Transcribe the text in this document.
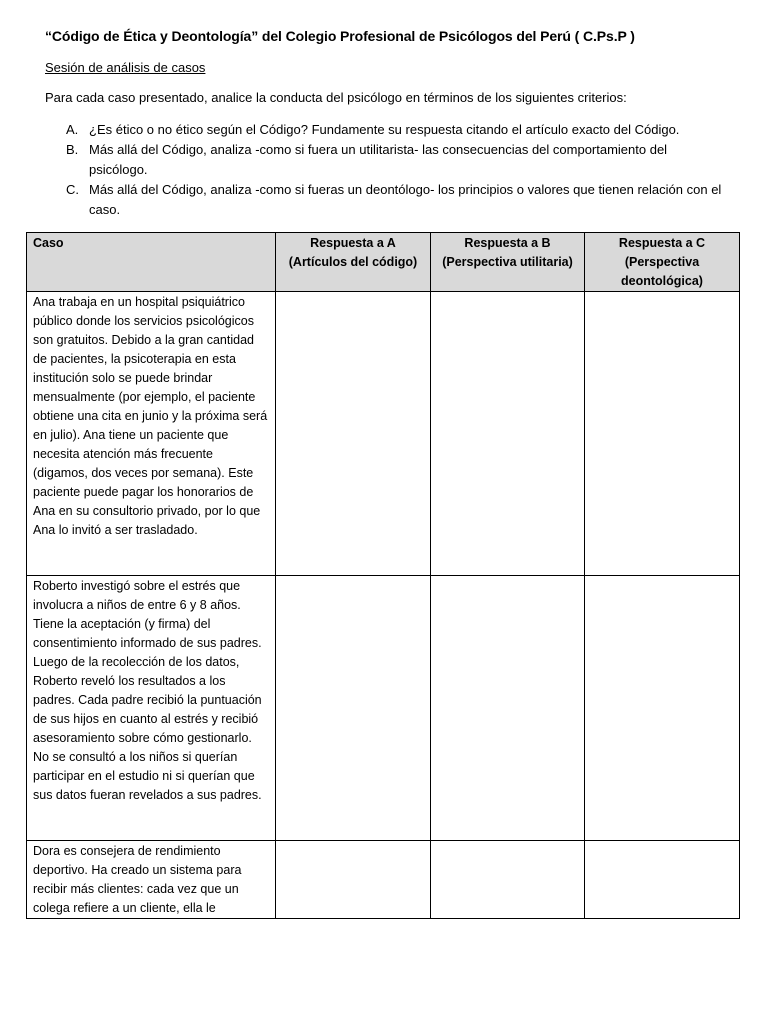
“Código de Ética y Deontología” del Colegio Profesional de Psicólogos del Perú ( C.Ps.P )
Sesión de análisis de casos
Para cada caso presentado, analice la conducta del psicólogo en términos de los siguientes criterios:
A. ¿Es ético o no ético según el Código? Fundamente su respuesta citando el artículo exacto del Código.
B. Más allá del Código, analiza -como si fuera un utilitarista- las consecuencias del comportamiento del psicólogo.
C. Más allá del Código, analiza -como si fueras un deontólogo- los principios o valores que tienen relación con el caso.
Caso	Respuesta a A (Artículos del código)	Respuesta a B (Perspectiva utilitaria)	Respuesta a C (Perspectiva deontológica)
Ana trabaja en un hospital psiquiátrico público donde los servicios psicológicos son gratuitos. Debido a la gran cantidad de pacientes, la psicoterapia en esta institución solo se puede brindar mensualmente (por ejemplo, el paciente obtiene una cita en junio y la próxima será en julio). Ana tiene un paciente que necesita atención más frecuente (digamos, dos veces por semana). Este paciente puede pagar los honorarios de Ana en su consultorio privado, por lo que Ana lo invitó a ser trasladado.			
Roberto investigó sobre el estrés que involucra a niños de entre 6 y 8 años. Tiene la aceptación (y firma) del consentimiento informado de sus padres. Luego de la recolección de los datos, Roberto reveló los resultados a los padres. Cada padre recibió la puntuación de sus hijos en cuanto al estrés y recibió asesoramiento sobre cómo gestionarlo. No se consultó a los niños si querían participar en el estudio ni si querían que sus datos fueran revelados a sus padres.			
Dora es consejera de rendimiento deportivo. Ha creado un sistema para recibir más clientes: cada vez que un colega refiere a un cliente, ella le			
